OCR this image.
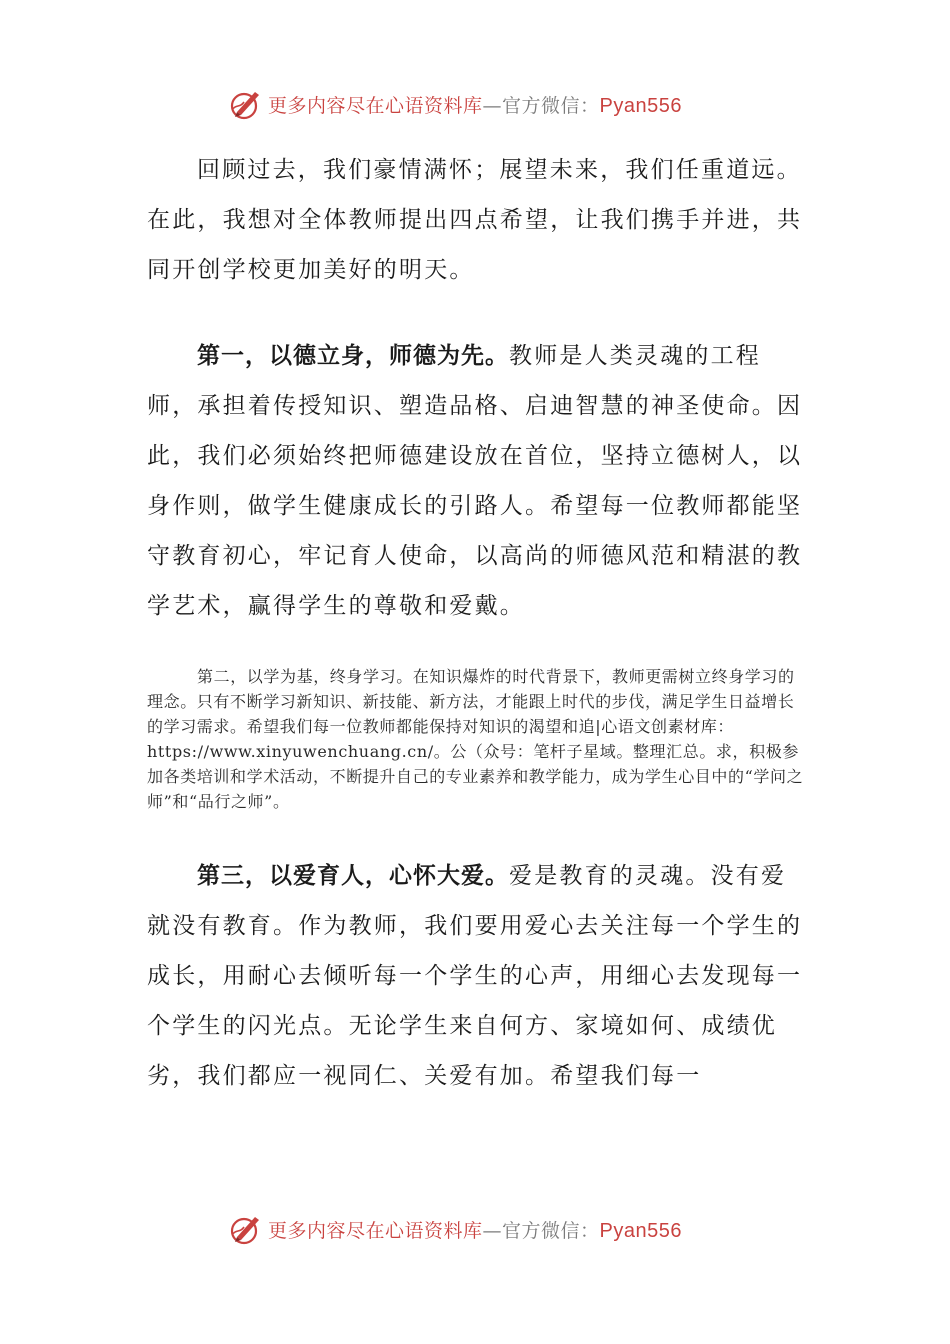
更多内容尽在心语资料库—官方微信：Pyan556

回顾过去，我们豪情满怀；展望未来，我们任重道远。在此，我想对全体教师提出四点希望，让我们携手并进，共同开创学校更加美好的明天。

第一，以德立身，师德为先。教师是人类灵魂的工程师，承担着传授知识、塑造品格、启迪智慧的神圣使命。因此，我们必须始终把师德建设放在首位，坚持立德树人，以身作则，做学生健康成长的引路人。希望每一位教师都能坚守教育初心，牢记育人使命，以高尚的师德风范和精湛的教学艺术，赢得学生的尊敬和爱戴。

第二，以学为基，终身学习。在知识爆炸的时代背景下，教师更需树立终身学习的理念。只有不断学习新知识、新技能、新方法，才能跟上时代的步伐，满足学生日益增长的学习需求。希望我们每一位教师都能保持对知识的渴望和追|心语文创素材库：https://www.xinyuwenchuang.cn/。公（众号：笔杆子星域。整理汇总。求，积极参加各类培训和学术活动，不断提升自己的专业素养和教学能力，成为学生心目中的“学问之师”和“品行之师”。

第三，以爱育人，心怀大爱。爱是教育的灵魂。没有爱就没有教育。作为教师，我们要用爱心去关注每一个学生的成长，用耐心去倾听每一个学生的心声，用细心去发现每一个学生的闪光点。无论学生来自何方、家境如何、成绩优劣，我们都应一视同仁、关爱有加。希望我们每一

更多内容尽在心语资料库—官方微信：Pyan556
